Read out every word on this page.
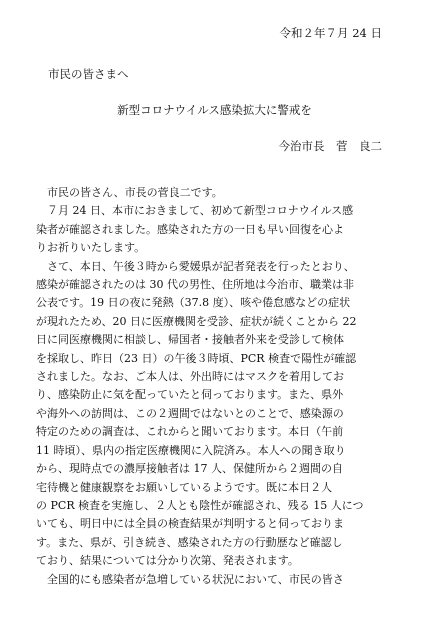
令和２年７月 24 日
市民の皆さまへ
新型コロナウイルス感染拡大に警戒を
今治市長　菅　良二
　市民の皆さん、市長の菅良二です。
　７月 24 日、本市におきまして、初めて新型コロナウイルス感
染者が確認されました。感染された方の一日も早い回復を心よ
りお祈りいたします。
　さて、本日、午後３時から愛媛県が記者発表を行ったとおり、
感染が確認されたのは 30 代の男性、住所地は今治市、職業は非
公表です。19 日の夜に発熱（37.8 度）、咳や倦怠感などの症状
が現れたため、20 日に医療機関を受診、症状が続くことから 22
日に同医療機関に相談し、帰国者・接触者外来を受診して検体
を採取し、昨日（23 日）の午後３時頃、PCR 検査で陽性が確認
されました。なお、ご本人は、外出時にはマスクを着用してお
り、感染防止に気を配っていたと伺っております。また、県外
や海外への訪問は、この２週間ではないとのことで、感染源の
特定のための調査は、これからと聞いております。本日（午前
11 時頃）、県内の指定医療機関に入院済み。本人への聞き取り
から、現時点での濃厚接触者は 17 人、保健所から２週間の自
宅待機と健康観察をお願いしているようです。既に本日２人
の PCR 検査を実施し、２人とも陰性が確認され、残る 15 人につ
いても、明日中には全員の検査結果が判明すると伺っておりま
す。また、県が、引き続き、感染された方の行動歴など確認し
ており、結果については分かり次第、発表されます。
　全国的にも感染者が急増している状況において、市民の皆さ
